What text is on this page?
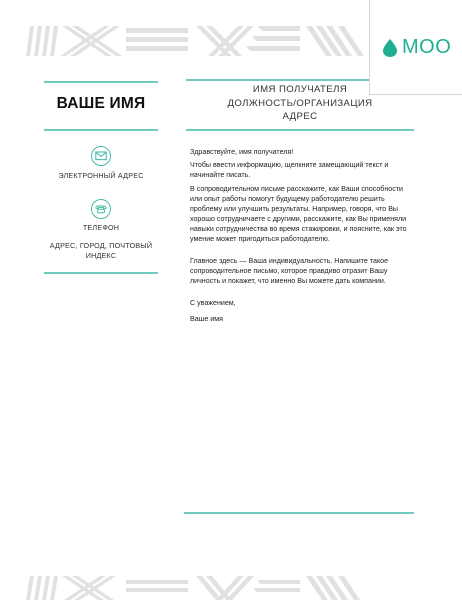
MOO
ВАШЕ ИМЯ
ЭЛЕКТРОННЫЙ АДРЕС
ТЕЛЕФОН
АДРЕС, ГОРОД, ПОЧТОВЫЙ
ИНДЕКС
ИМЯ ПОЛУЧАТЕЛЯ
ДОЛЖНОСТЬ/ОРГАНИЗАЦИЯ
АДРЕС

Здравствуйте, имя получателя!

Чтобы ввести информацию, щелкните замещающий текст и начинайте писать.

В сопроводительном письме расскажите, как Ваши способности или опыт работы помогут будущему работодателю решить проблему или улучшить результаты. Например, говоря, что Вы хорошо сотрудничаете с другими, расскажите, как Вы применяли навыки сотрудничества во время стажировки, и поясните, как это умение может пригодиться работодателю.

Главное здесь — Ваша индивидуальность. Напишите такое сопроводительное письмо, которое правдиво отразит Вашу личность и покажет, что именно Вы можете дать компании.

С уважением,

Ваше имя
